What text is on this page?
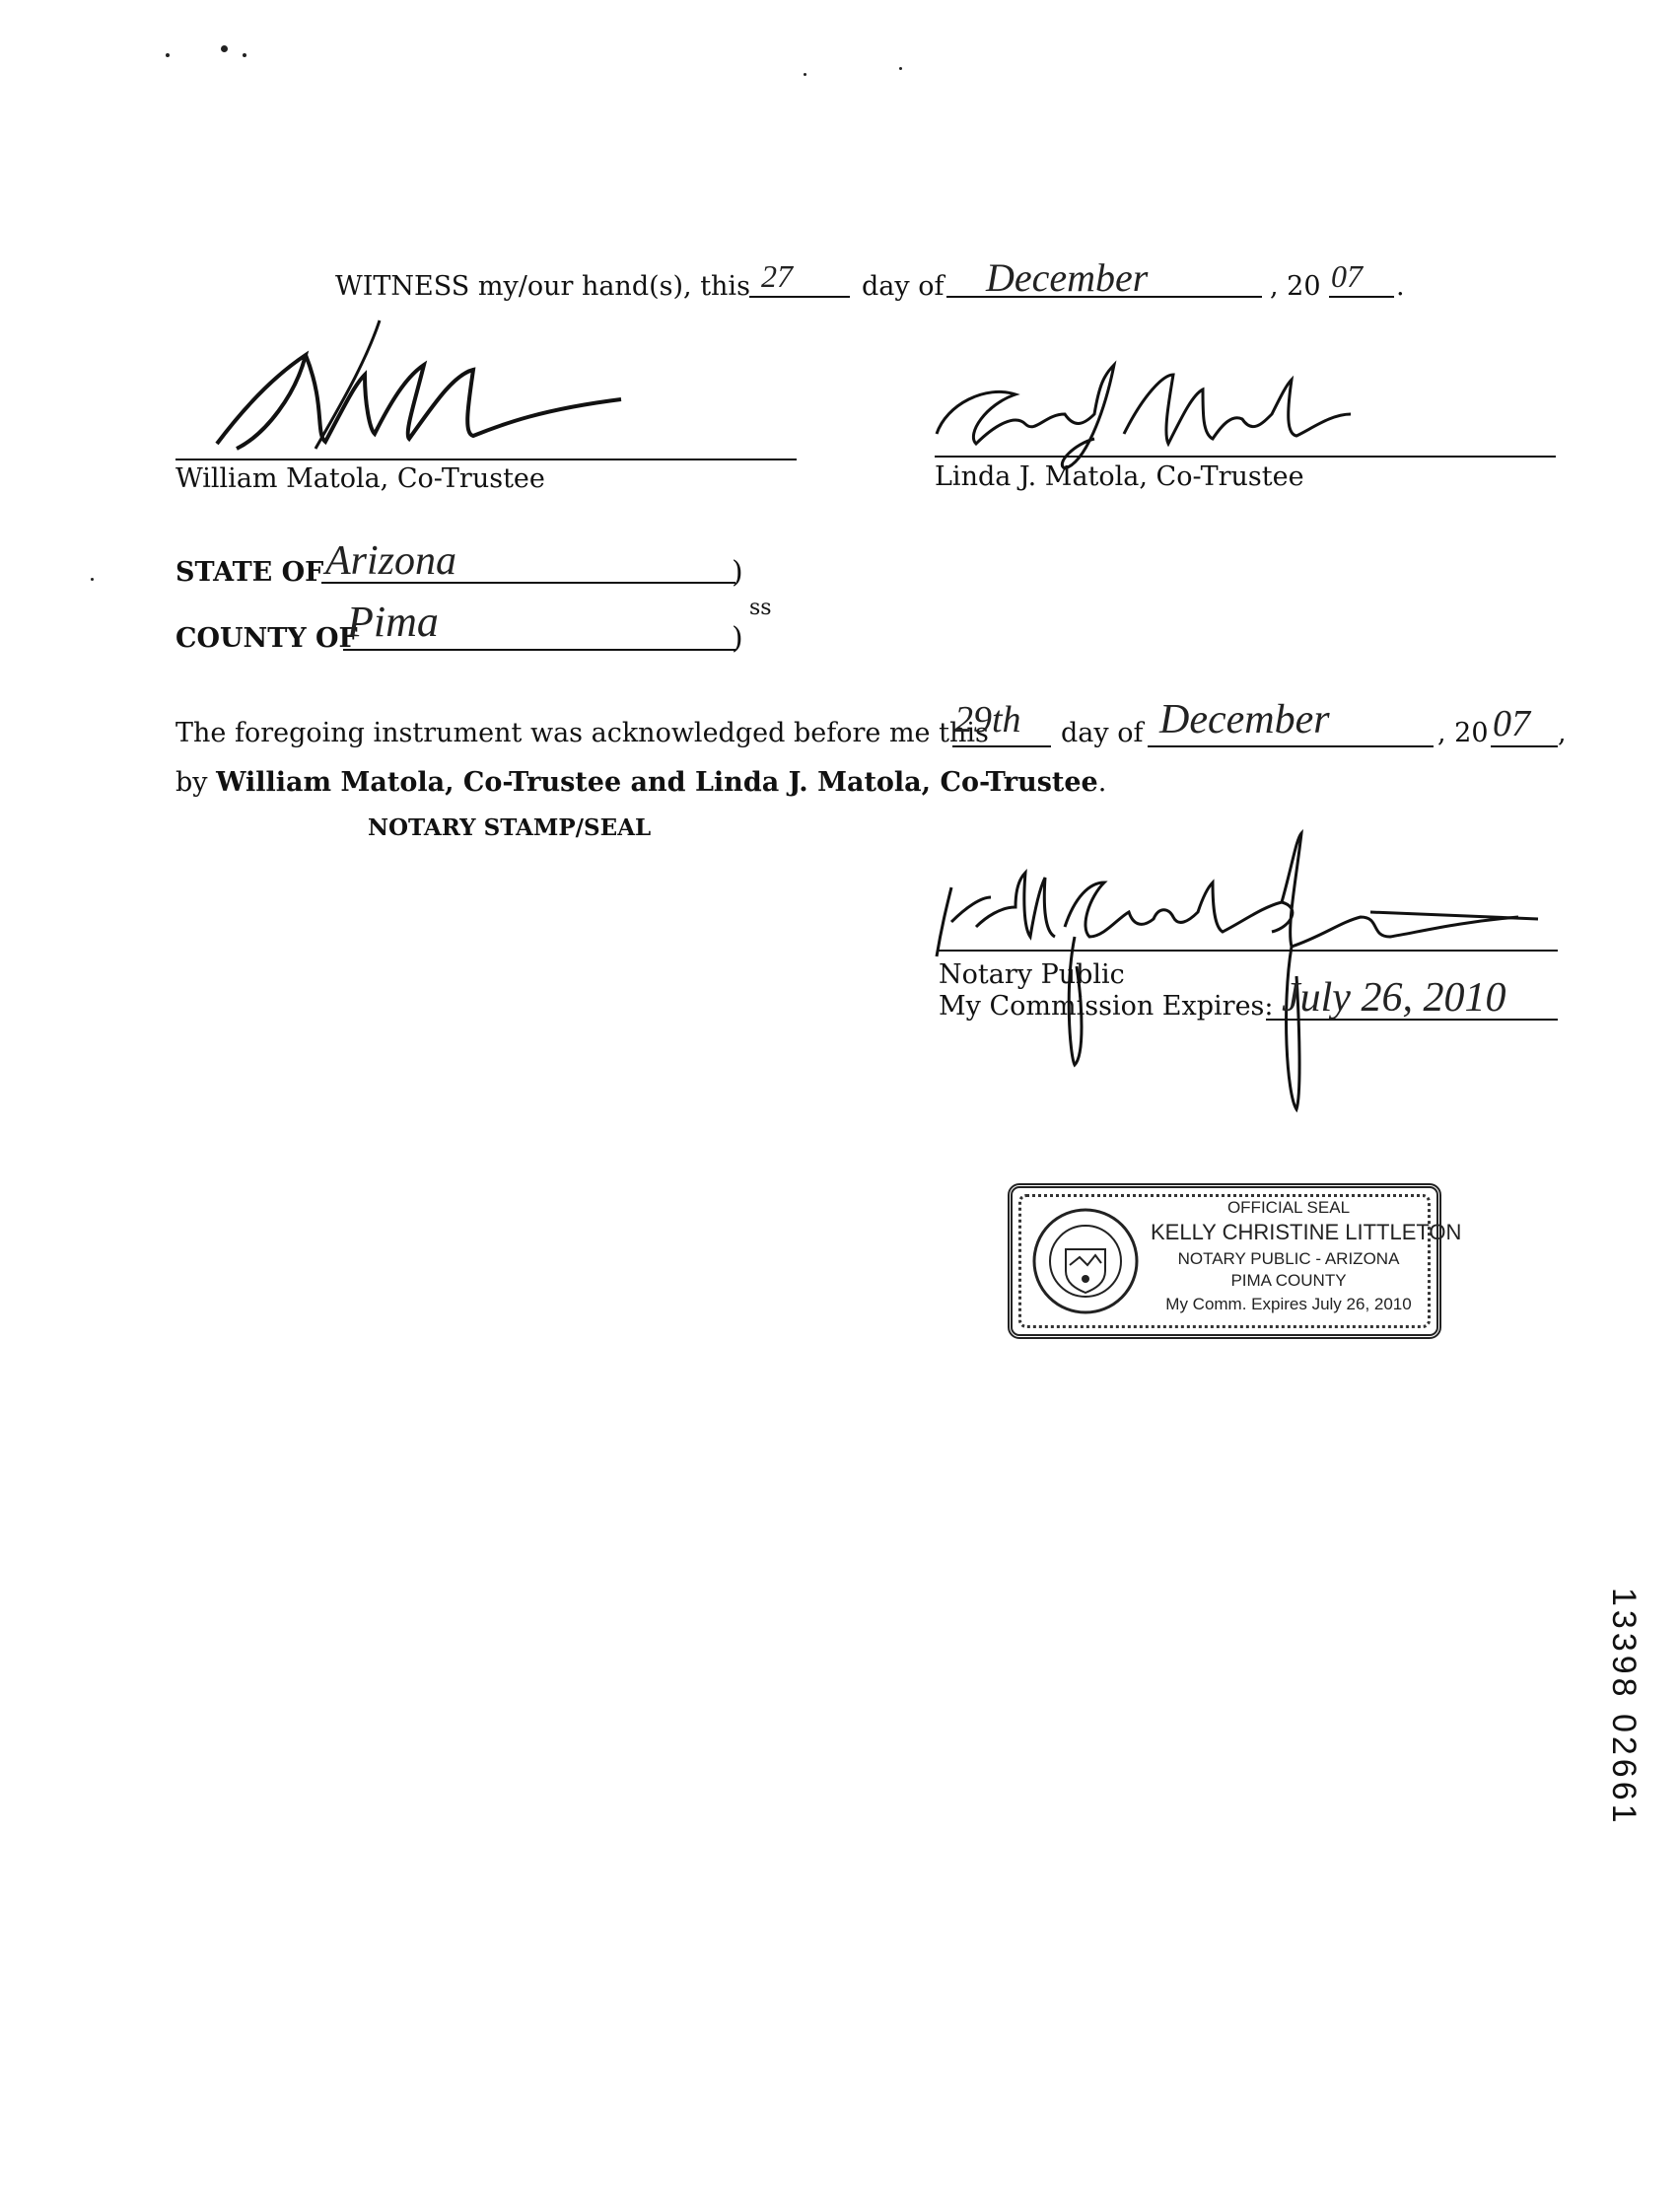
WITNESS my/our hand(s), this 27	day of December	, 20 07 .
William Matola, Co-Trustee	Linda J. Matola, Co-Trustee
STATE OF Arizona	)
ss
COUNTY OF
Pima	)
The foregoing instrument was acknowledged before me this
29th day of December	, 20 07 ,
by William Matola, Co-Trustee and Linda J. Matola, Co-Trustee.
NOTARY STAMP/SEAL
Notary Public
My Commission Expires: July 26, 2010
OFFICIAL SEAL
KELLY CHRISTINE LITTLETON
NOTARY PUBLIC - ARIZONA
PIMA COUNTY
My Comm. Expires July 26, 2010
13398 02661
